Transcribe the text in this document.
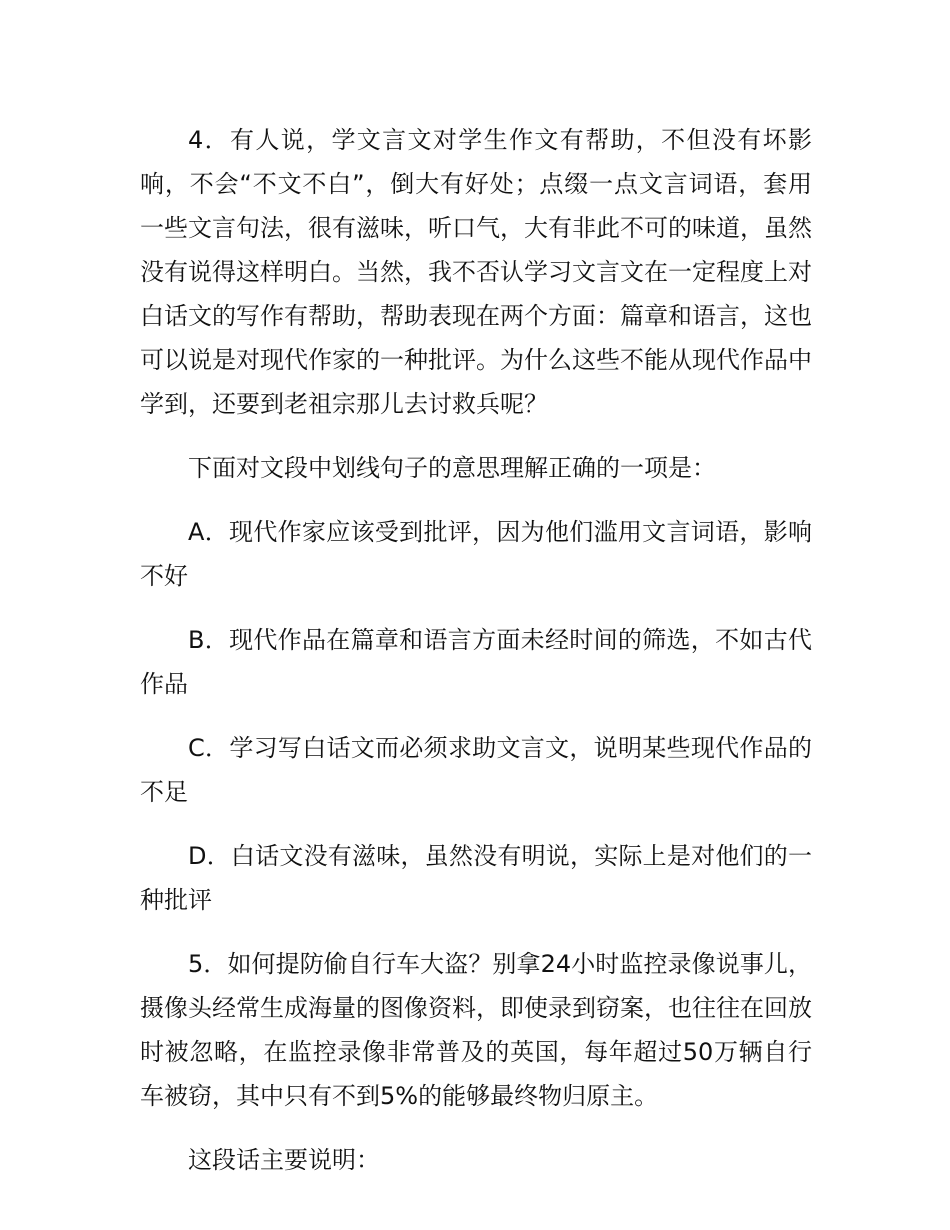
4．有人说，学文言文对学生作文有帮助，不但没有坏影响，不会“不文不白”，倒大有好处；点缀一点文言词语，套用一些文言句法，很有滋味，听口气，大有非此不可的味道，虽然没有说得这样明白。当然，我不否认学习文言文在一定程度上对白话文的写作有帮助，帮助表现在两个方面：篇章和语言，这也可以说是对现代作家的一种批评。为什么这些不能从现代作品中学到，还要到老祖宗那儿去讨救兵呢？

下面对文段中划线句子的意思理解正确的一项是：

A．现代作家应该受到批评，因为他们滥用文言词语，影响不好

B．现代作品在篇章和语言方面未经时间的筛选，不如古代作品

C．学习写白话文而必须求助文言文，说明某些现代作品的不足

D．白话文没有滋味，虽然没有明说，实际上是对他们的一种批评

5．如何提防偷自行车大盗？别拿24小时监控录像说事儿，摄像头经常生成海量的图像资料，即使录到窃案，也往往在回放时被忽略，在监控录像非常普及的英国，每年超过50万辆自行车被窃，其中只有不到5%的能够最终物归原主。

这段话主要说明：
